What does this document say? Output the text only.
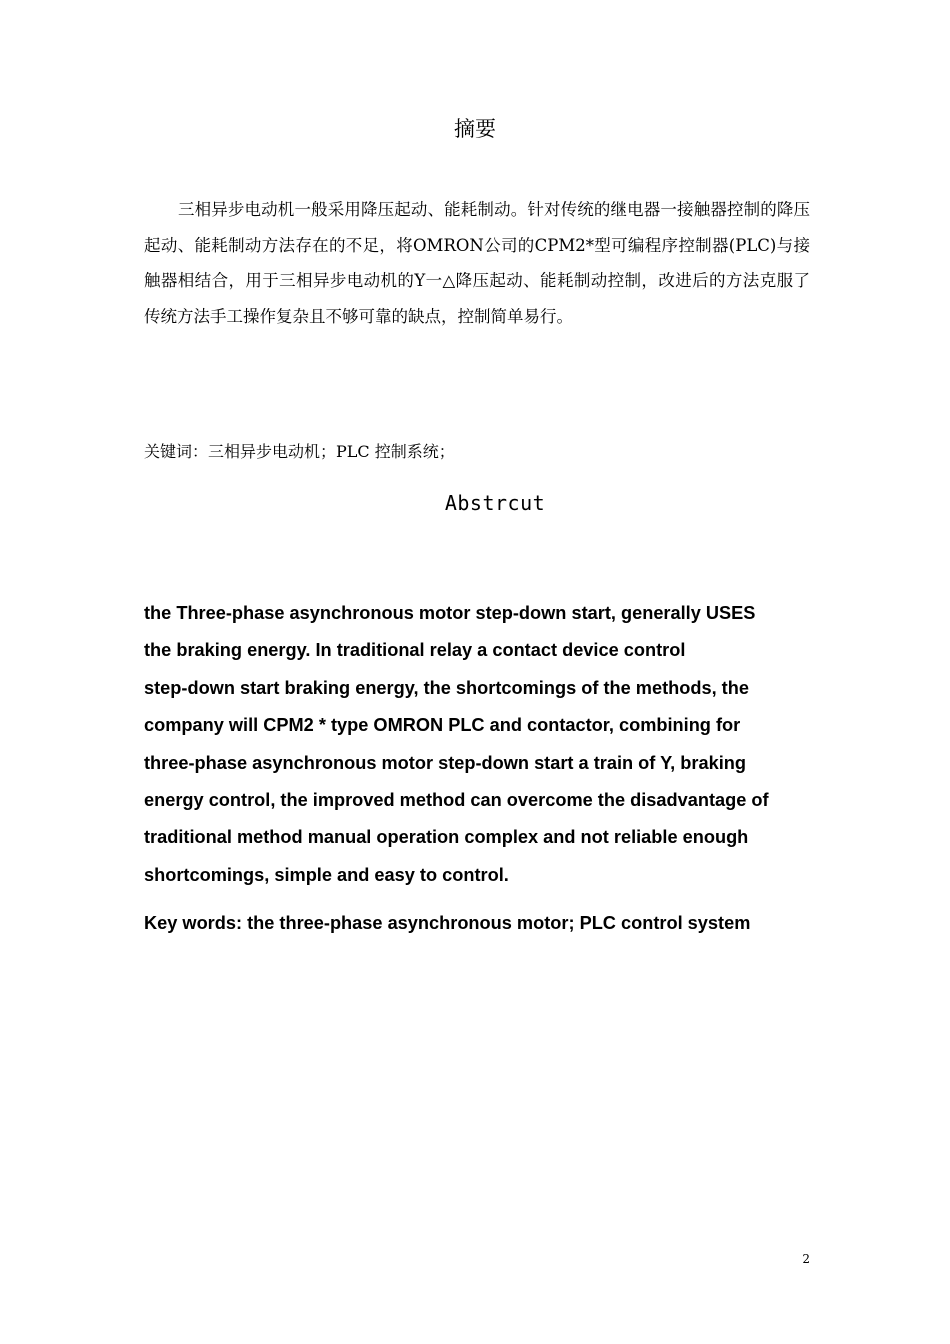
摘要

三相异步电动机一般采用降压起动、能耗制动。针对传统的继电器一接触器控制的降压起动、能耗制动方法存在的不足，将OMRON公司的CPM2*型可编程序控制器(PLC)与接触器相结合，用于三相异步电动机的Y一△降压起动、能耗制动控制，改进后的方法克服了传统方法手工操作复杂且不够可靠的缺点，控制简单易行。

关键词：三相异步电动机；PLC 控制系统；
Abstrcut
the Three-phase asynchronous motor step-down start, generally USES
the braking energy. In traditional relay a contact device control
step-down start braking energy, the shortcomings of the methods, the
company will CPM2 * type OMRON PLC and contactor, combining for
three-phase asynchronous motor step-down start a train of Y, braking
energy control, the improved method can overcome the disadvantage of
traditional method manual operation complex and not reliable enough
shortcomings, simple and easy to control.
Key words: the three-phase asynchronous motor; PLC control system
2
